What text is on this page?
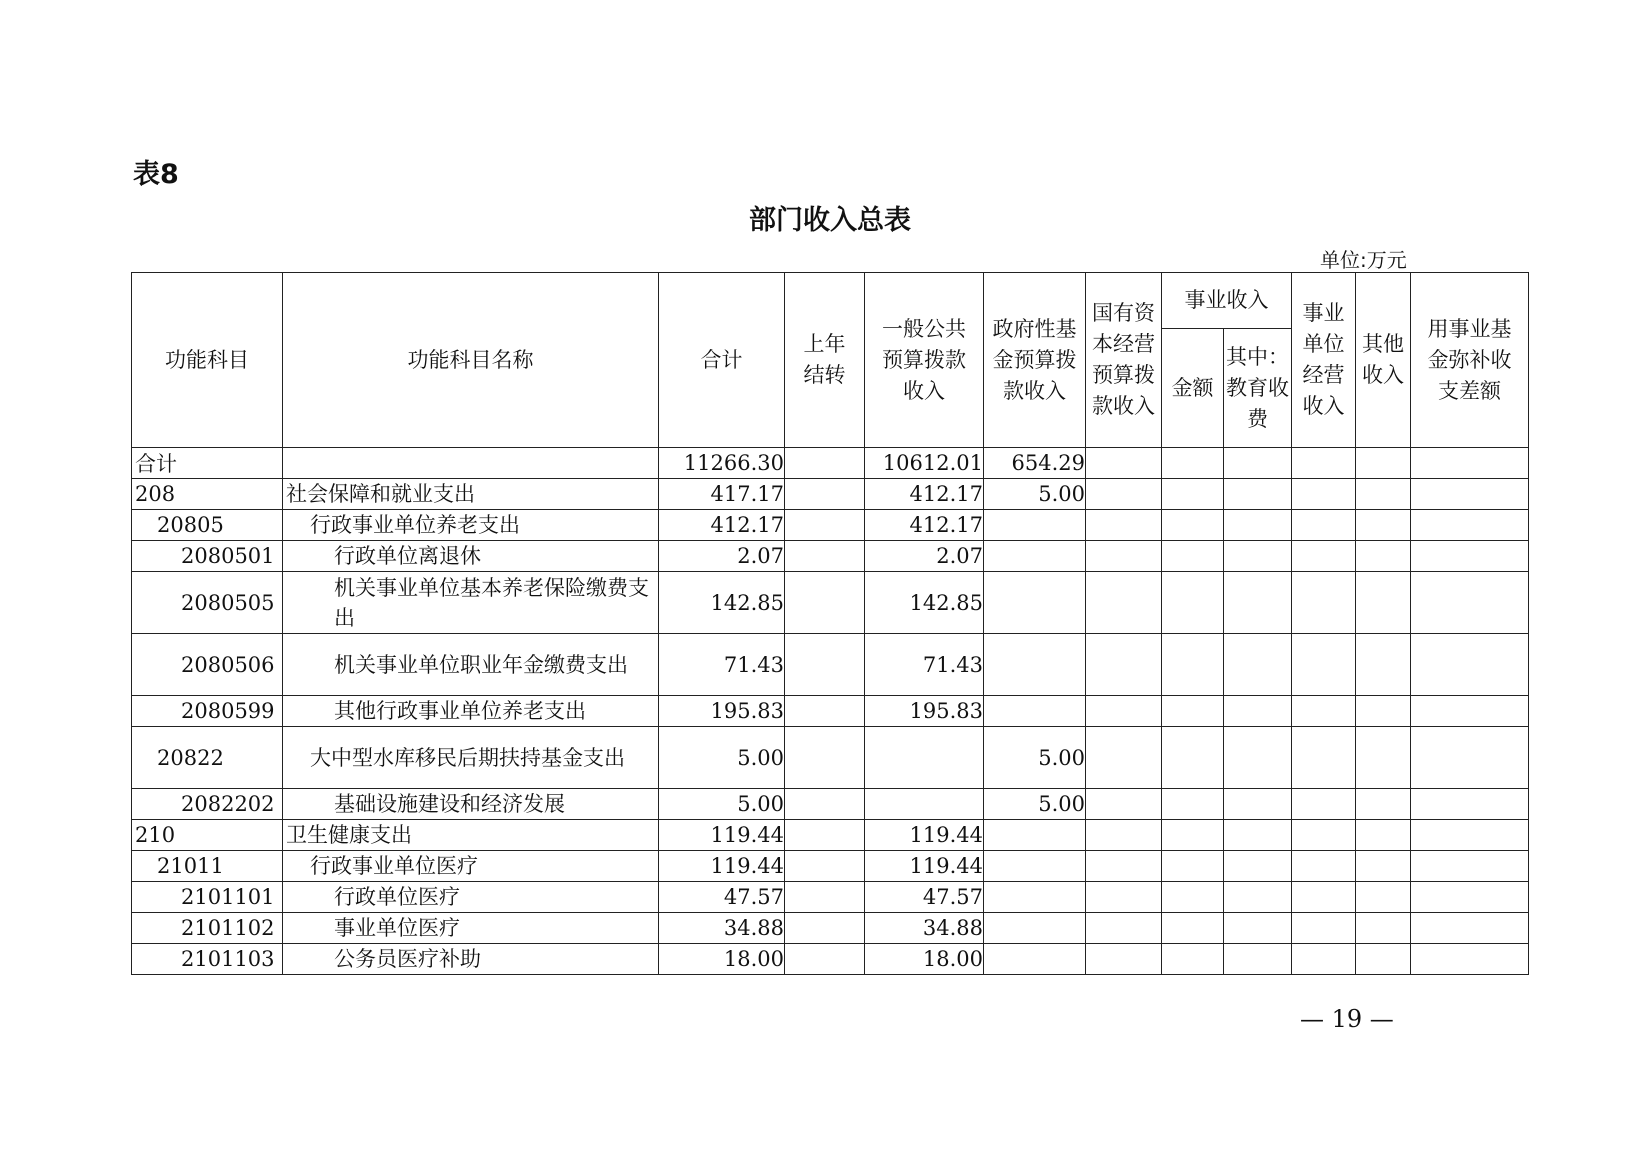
表8
部门收入总表
单位:万元
功能科目	功能科目名称	合计	上年结转	一般公共预算拨款收入	政府性基金预算拨款收入	国有资本经营预算拨款收入	事业收入		事业单位经营收入	其他收入	用事业基金弥补收支差额
							金额	其中：教育收费			
合计		11266.30		10612.01	654.29						
208	社会保障和就业支出	417.17		412.17	5.00						
20805	行政事业单位养老支出	412.17		412.17							
2080501	行政单位离退休	2.07		2.07							
2080505	机关事业单位基本养老保险缴费支出	142.85		142.85							
2080506	机关事业单位职业年金缴费支出	71.43		71.43							
2080599	其他行政事业单位养老支出	195.83		195.83							
20822	大中型水库移民后期扶持基金支出	5.00			5.00						
2082202	基础设施建设和经济发展	5.00			5.00						
210	卫生健康支出	119.44		119.44							
21011	行政事业单位医疗	119.44		119.44							
2101101	行政单位医疗	47.57		47.57							
2101102	事业单位医疗	34.88		34.88							
2101103	公务员医疗补助	18.00		18.00							
— 19 —
